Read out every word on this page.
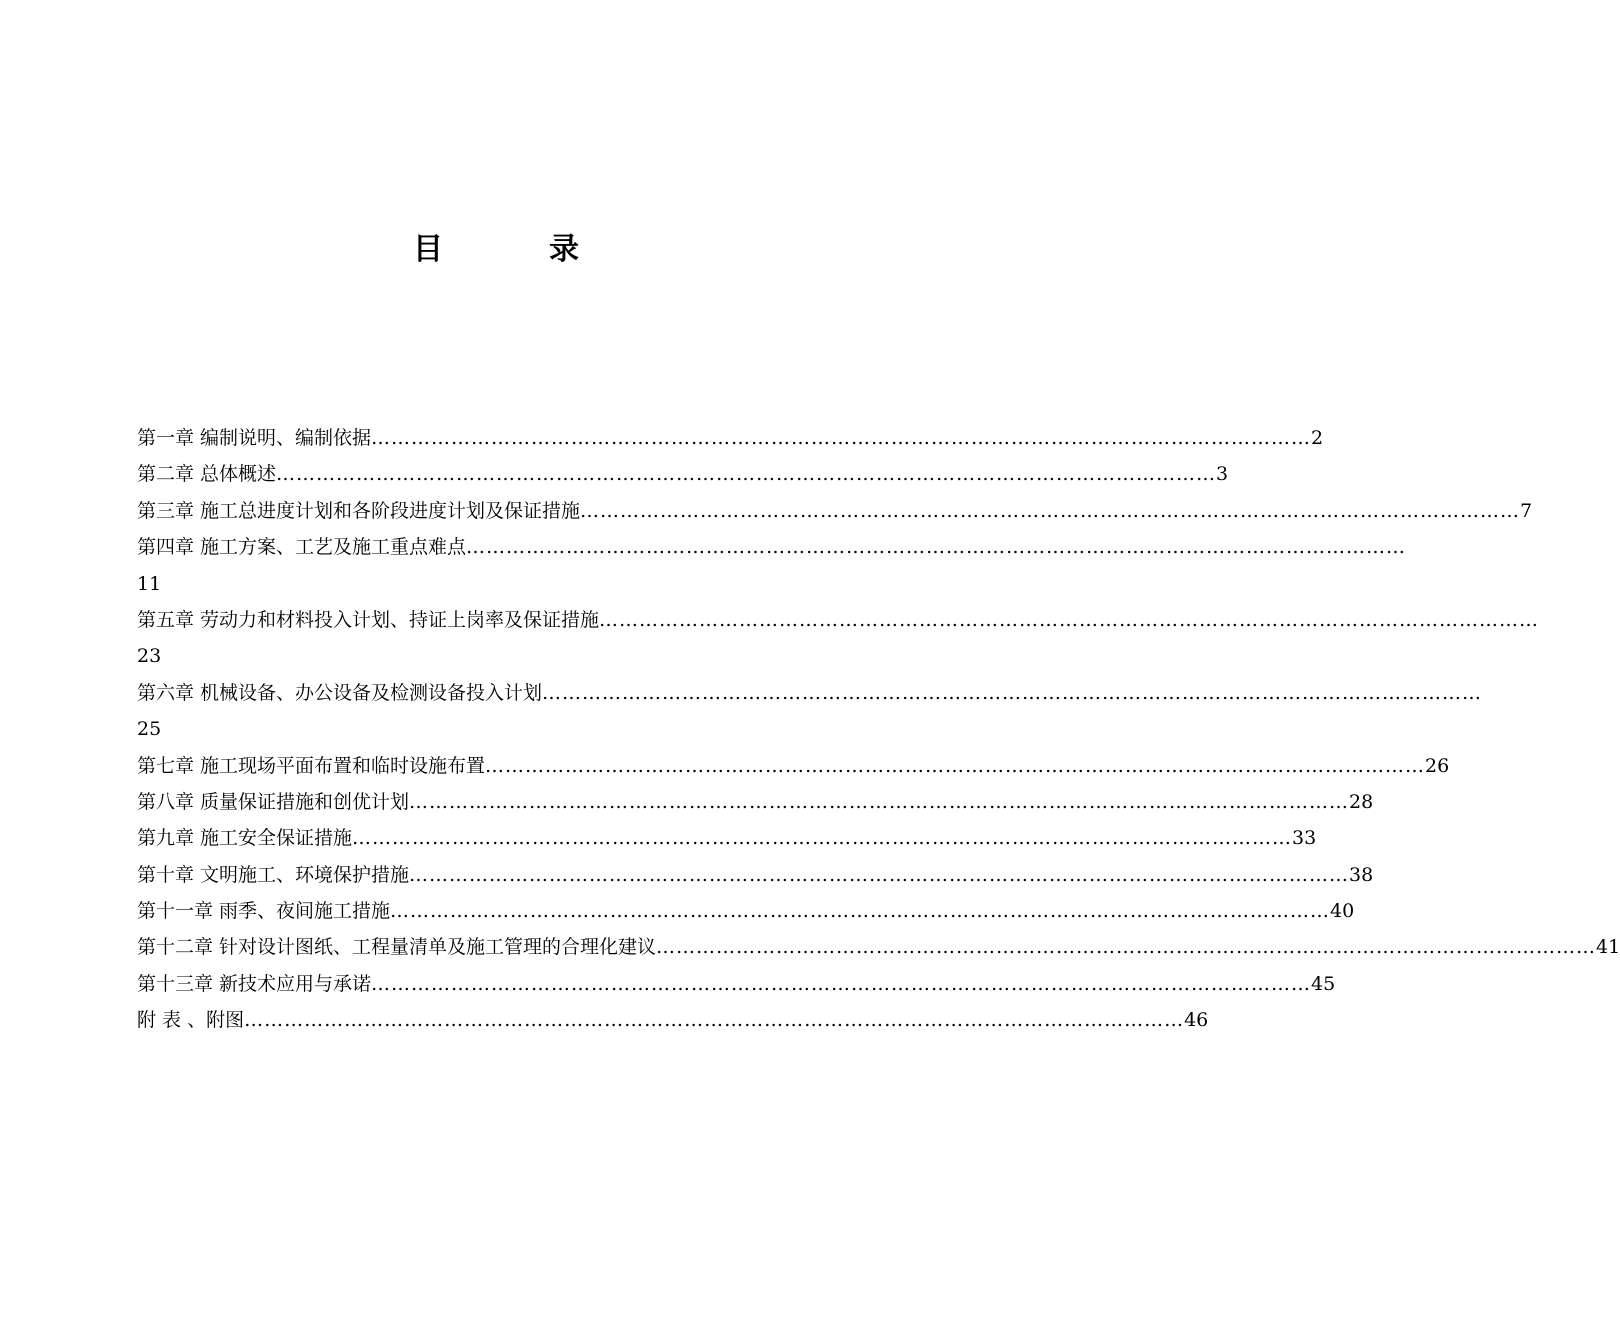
目	录
第一章 编制说明、编制依据 …………………………………………………………………………………………………………………………… 2
第二章 总体概述 …………………………………………………………………………………………………………………………… 3
第三章 施工总进度计划和各阶段进度计划及保证措施 …………………………………………………………………………………………………………………………… 7
第四章 施工方案、工艺及施工重点难点 ……………………………………………………………………………………………………………………………
11
第五章 劳动力和材料投入计划、持证上岗率及保证措施 ……………………………………………………………………………………………………………………………
23
第六章 机械设备、办公设备及检测设备投入计划 ……………………………………………………………………………………………………………………………
25
第七章 施工现场平面布置和临时设施布置 …………………………………………………………………………………………………………………………… 26
第八章 质量保证措施和创优计划 …………………………………………………………………………………………………………………………… 28
第九章 施工安全保证措施 …………………………………………………………………………………………………………………………… 33
第十章 文明施工、环境保护措施 …………………………………………………………………………………………………………………………… 38
第十一章 雨季、夜间施工措施 …………………………………………………………………………………………………………………………… 40
第十二章 针对设计图纸、工程量清单及施工管理的合理化建议 …………………………………………………………………………………………………………………………… 41
第十三章 新技术应用与承诺 …………………………………………………………………………………………………………………………… 45
附 表 、附图 …………………………………………………………………………………………………………………………… 46
